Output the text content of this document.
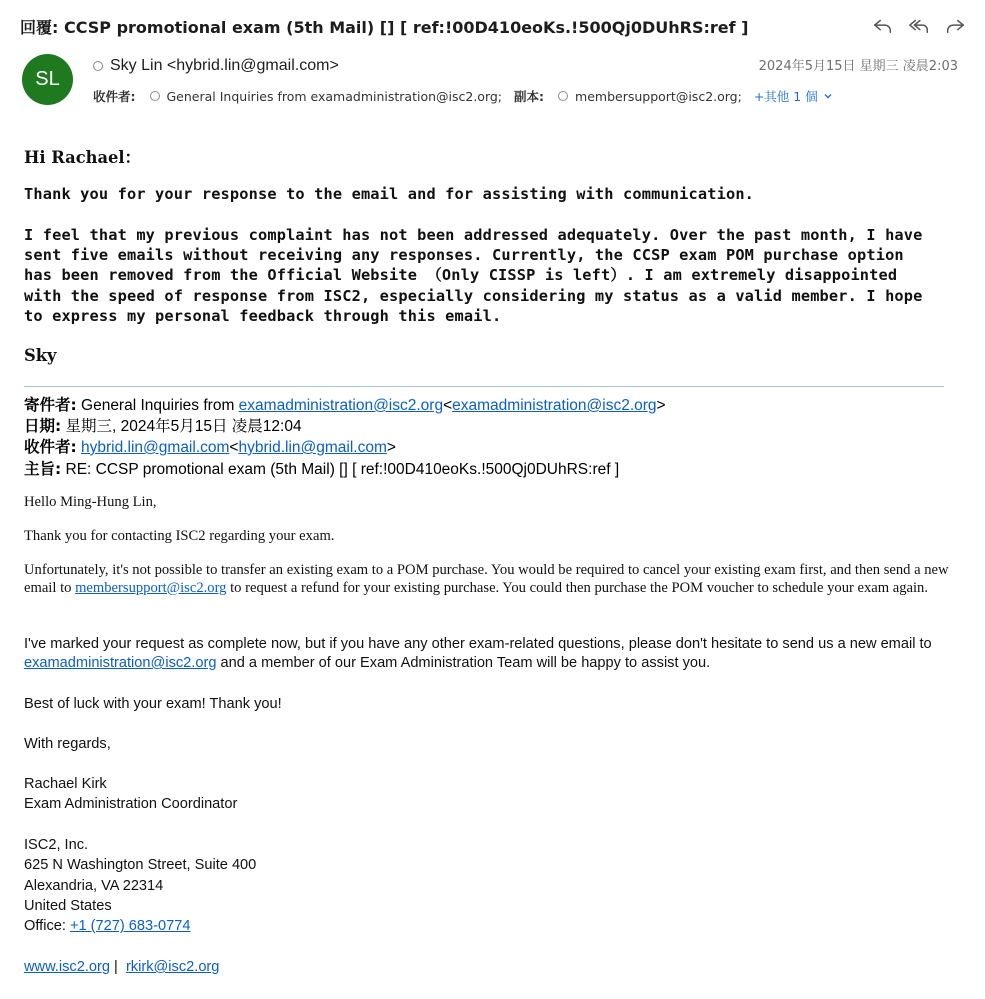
回覆: CCSP promotional exam (5th Mail) [] [ ref:!00D410eoKs.!500Qj0DUhRS:ref ]
SL
Sky Lin <hybrid.lin@gmail.com>	2024年5月15日 星期三 凌晨2:03
收件者: General Inquiries from examadministration@isc2.org; 副本: membersupport@isc2.org; +其他 1 個
Hi Rachael：
Thank you for your response to the email and for assisting with communication.
I feel that my previous complaint has not been addressed adequately. Over the past month, I have
sent five emails without receiving any responses. Currently, the CCSP exam POM purchase option
has been removed from the Official Website （Only CISSP is left）. I am extremely disappointed
with the speed of response from ISC2, especially considering my status as a valid member. I hope
to express my personal feedback through this email.
Sky
寄件者: General Inquiries from examadministration@isc2.org<examadministration@isc2.org>
日期: 星期三, 2024年5月15日 凌晨12:04
收件者: hybrid.lin@gmail.com<hybrid.lin@gmail.com>
主旨: RE: CCSP promotional exam (5th Mail) [] [ ref:!00D410eoKs.!500Qj0DUhRS:ref ]
Hello Ming-Hung Lin,
Thank you for contacting ISC2 regarding your exam.
Unfortunately, it's not possible to transfer an existing exam to a POM purchase. You would be required to cancel your existing exam first, and then send a new email to membersupport@isc2.org to request a refund for your existing purchase. You could then purchase the POM voucher to schedule your exam again.
I've marked your request as complete now, but if you have any other exam-related questions, please don't hesitate to send us a new email to examadministration@isc2.org and a member of our Exam Administration Team will be happy to assist you.
Best of luck with your exam! Thank you!
With regards,
Rachael Kirk
Exam Administration Coordinator
ISC2, Inc.
625 N Washington Street, Suite 400
Alexandria, VA 22314
United States
Office: +1 (727) 683-0774
www.isc2.org |  rkirk@isc2.org
